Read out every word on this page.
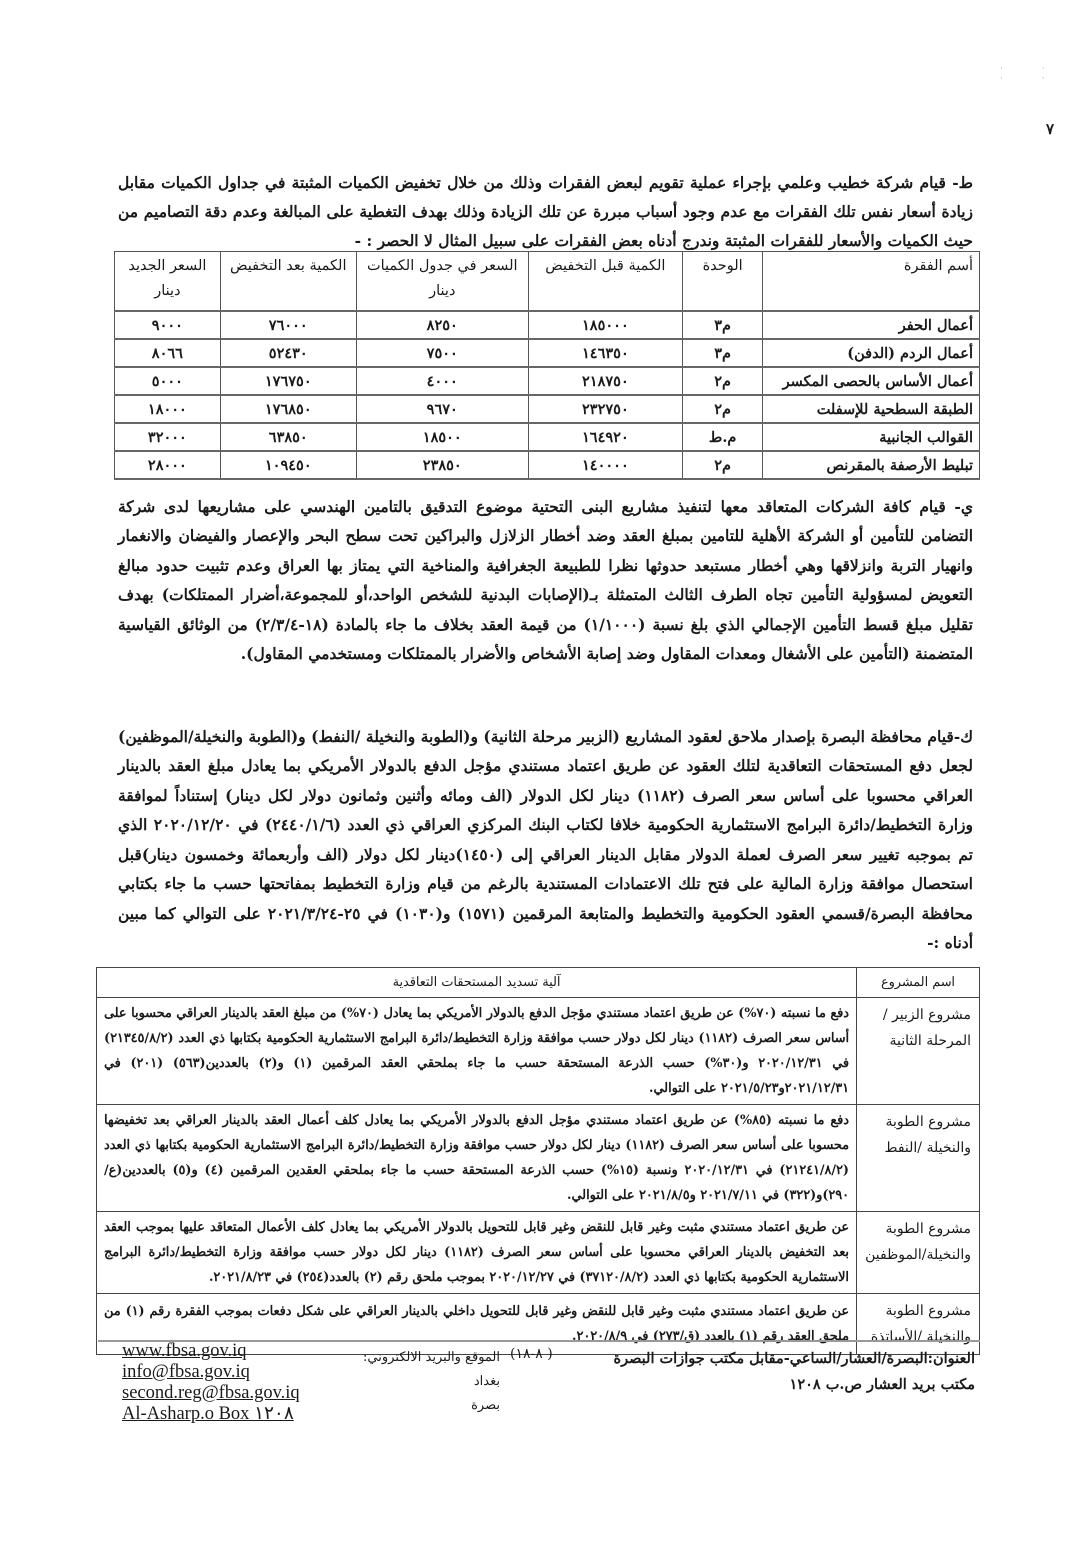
· · · ·
٧

ط- قيام شركة خطيب وعلمي بإجراء عملية تقويم لبعض الفقرات وذلك من خلال تخفيض الكميات المثبتة في جداول الكميات مقابل زيادة أسعار نفس تلك الفقرات مع عدم وجود أسباب مبررة عن تلك الزيادة وذلك بهدف التغطية على المبالغة وعدم دقة التصاميم من حيث الكميات والأسعار للفقرات المثبتة وندرج أدناه بعض الفقرات على سبيل المثال لا الحصر : -

أسم الفقرة	الوحدة	الكمية قبل التخفيض	السعر في جدول الكميات دينار	الكمية بعد التخفيض	السعر الجديد دينار
أعمال الحفر	م٣	١٨٥٠٠٠	٨٢٥٠	٧٦٠٠٠	٩٠٠٠
أعمال الردم (الدفن)	م٣	١٤٦٣٥٠	٧٥٠٠	٥٢٤٣٠	٨٠٦٦
أعمال الأساس بالحصى المكسر	م٢	٢١٨٧٥٠	٤٠٠٠	١٧٦٧٥٠	٥٠٠٠
الطبقة السطحية للإسفلت	م٢	٢٣٢٧٥٠	٩٦٧٠	١٧٦٨٥٠	١٨٠٠٠
القوالب الجانبية	م.ط	١٦٤٩٢٠	١٨٥٠٠	٦٣٨٥٠	٣٢٠٠٠
تبليط الأرصفة بالمقرنص	م٢	١٤٠٠٠٠	٢٣٨٥٠	١٠٩٤٥٠	٢٨٠٠٠

ي- قيام كافة الشركات المتعاقد معها لتنفيذ مشاريع البنى التحتية موضوع التدقيق بالتامين الهندسي على مشاريعها لدى شركة التضامن للتأمين أو الشركة الأهلية للتامين بمبلغ العقد وضد أخطار الزلازل والبراكين تحت سطح البحر والإعصار والفيضان والانغمار وانهيار التربة وانزلاقها وهي أخطار مستبعد حدوثها نظرا للطبيعة الجغرافية والمناخية التي يمتاز بها العراق وعدم تثبيت حدود مبالغ التعويض لمسؤولية التأمين تجاه الطرف الثالث المتمثلة بـ(الإصابات البدنية للشخص الواحد،أو للمجموعة،أضرار الممتلكات) بهدف تقليل مبلغ قسط التأمين الإجمالي الذي بلغ نسبة (١/١٠٠٠) من قيمة العقد بخلاف ما جاء بالمادة (١٨-٢/٣/٤) من الوثائق القياسية المتضمنة (التأمين على الأشغال ومعدات المقاول وضد إصابة الأشخاص والأضرار بالممتلكات ومستخدمي المقاول).

ك-قيام محافظة البصرة بإصدار ملاحق لعقود المشاريع (الزبير مرحلة الثانية) و(الطوبة والنخيلة /النفط) و(الطوبة والنخيلة/الموظفين) لجعل دفع المستحقات التعاقدية لتلك العقود عن طريق اعتماد مستندي مؤجل الدفع بالدولار الأمريكي بما يعادل مبلغ العقد بالدينار العراقي محسوبا على أساس سعر الصرف (١١٨٢) دينار لكل الدولار (الف ومائه وأثنين وثمانون دولار لكل دينار) إستناداً لموافقة وزارة التخطيط/دائرة البرامج الاستثمارية الحكومية خلافا لكتاب البنك المركزي العراقي ذي العدد (٢٤٤٠/١/٦) في ٢٠٢٠/١٢/٢٠ الذي تم بموجبه تغيير سعر الصرف لعملة الدولار مقابل الدينار العراقي إلى (١٤٥٠)دينار لكل دولار (الف وأربعمائة وخمسون دينار)قبل استحصال موافقة وزارة المالية على فتح تلك الاعتمادات المستندية بالرغم من قيام وزارة التخطيط بمفاتحتها حسب ما جاء بكتابي محافظة البصرة/قسمي العقود الحكومية والتخطيط والمتابعة المرقمين (١٥٧١) و(١٠٣٠) في ٢٥-٢٠٢١/٣/٢٤ على التوالي كما مبين أدناه :-

اسم المشروع	آلية تسديد المستحقات التعاقدية
مشروع الزبير /المرحلة الثانية	دفع ما نسبته (٧٠%) عن طريق اعتماد مستندي مؤجل الدفع بالدولار الأمريكي بما يعادل (٧٠%) من مبلغ العقد بالدينار العراقي محسوبا على أساس سعر الصرف (١١٨٢) دينار لكل دولار حسب موافقة وزارة التخطيط/دائرة البرامج الاستثمارية الحكومية بكتابها ذي العدد (٢١٣٤٥/٨/٢) في ٢٠٢٠/١٢/٣١ و(٣٠%) حسب الذرعة المستحقة حسب ما جاء بملحقي العقد المرقمين (١) و(٢) بالعددين(٥٦٣) (٢٠١) في ٢٠٢١/١٢/٣١و٢٠٢١/٥/٢٣ على التوالي.
مشروع الطوبة والنخيلة /النفط	دفع ما نسبته (٨٥%) عن طريق اعتماد مستندي مؤجل الدفع بالدولار الأمريكي بما يعادل كلف أعمال العقد بالدينار العراقي بعد تخفيضها محسوبا على أساس سعر الصرف (١١٨٢) دينار لكل دولار حسب موافقة وزارة التخطيط/دائرة البرامج الاستثمارية الحكومية بكتابها ذي العدد (٢١٢٤١/٨/٢) في ٢٠٢٠/١٢/٣١ ونسبة (١٥%) حسب الذرعة المستحقة حسب ما جاء بملحقي العقدين المرقمين (٤) و(٥) بالعددين(ع/٢٩٠)و(٣٢٢) في ٢٠٢١/٧/١١ و٢٠٢١/٨/٥ على التوالي.
مشروع الطوبة والنخيلة/الموظفين	عن طريق اعتماد مستندي مثبت وغير قابل للنقض وغير قابل للتحويل بالدولار الأمريكي بما يعادل كلف الأعمال المتعاقد عليها بموجب العقد بعد التخفيض بالدينار العراقي محسوبا على أساس سعر الصرف (١١٨٢) دينار لكل دولار حسب موافقة وزارة التخطيط/دائرة البرامج الاستثمارية الحكومية بكتابها ذي العدد (٣٧١٢٠/٨/٢) في ٢٠٢٠/١٢/٢٧ بموجب ملحق رقم (٢) بالعدد(٢٥٤) في ٢٠٢١/٨/٢٣.
مشروع الطوبة والنخيلة /الأساتذة	عن طريق اعتماد مستندي مثبت وغير قابل للنقض وغير قابل للتحويل داخلي بالدينار العراقي على شكل دفعات بموجب الفقرة رقم (١) من ملحق العقد رقم (١) بالعدد (ق/٢٧٣) في ٢٠٢٠/٨/٩.
العنوان:البصرة/العشار/الساعي-مقابل مكتب جوازات البصرة
مكتب بريد العشار ص.ب ١٢٠٨
( ٨-١٨)
الموقع والبريد الالكتروني:
بغداد
بصرة
www.fbsa.gov.iq
info@fbsa.gov.iq
second.reg@fbsa.gov.iq
Al-Asharp.o Box ١٢٠٨
